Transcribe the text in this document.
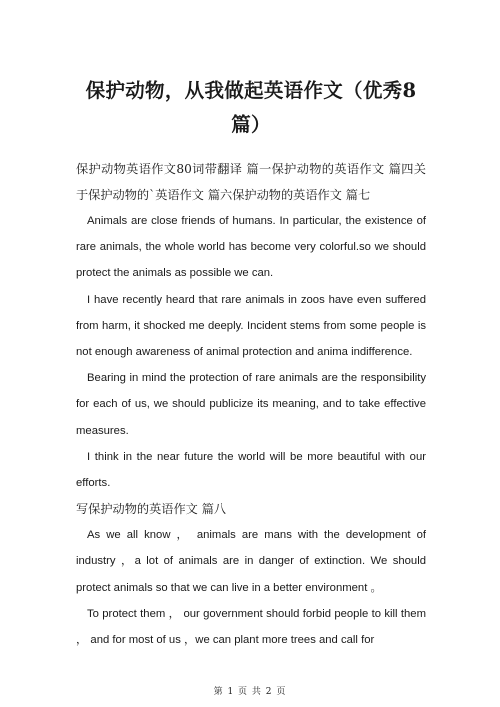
保护动物，从我做起英语作文（优秀8篇）

保护动物英语作文80词带翻译 篇一保护动物的英语作文 篇四关于保护动物的`英语作文 篇六保护动物的英语作文 篇七

Animals are close friends of humans. In particular, the existence of rare animals, the whole world has become very colorful.so we should protect the animals as possible we can.

I have recently heard that rare animals in zoos have even suffered from harm, it shocked me deeply. Incident stems from some people is not enough awareness of animal protection and anima indifference.

Bearing in mind the protection of rare animals are the responsibility for each of us, we should publicize its meaning, and to take effective measures.

I think in the near future the world will be more beautiful with our efforts.

写保护动物的英语作文 篇八

As we all know ， animals are mans with the development of industry ，a lot of animals are in danger of extinction. We should protect animals so that we can live in a better environment 。

To protect them ， our government should forbid people to kill them ， and for most of us ，we can plant more trees and call for

第 1 页 共 2 页
